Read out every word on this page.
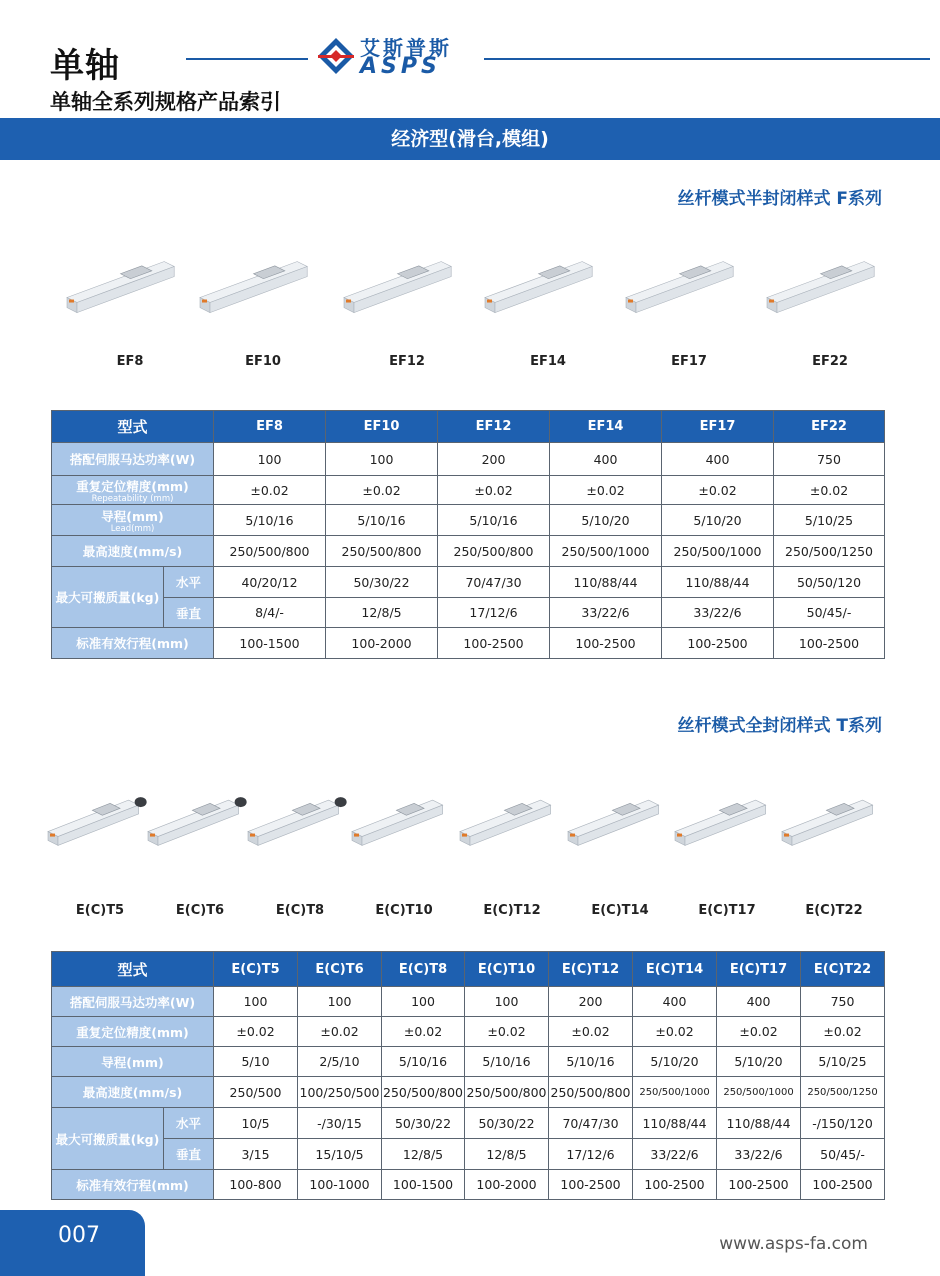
单轴
单轴全系列规格产品索引
艾斯普斯
ASPS
经济型(滑台,模组)
丝杆模式半封闭样式 F系列
EF8	EF10	EF12	EF14	EF17	EF22
型式		EF8	EF10	EF12	EF14	EF17	EF22
搭配伺服马达功率(W)		100	100	200	400	400	750
重复定位精度(mm)
Repeatability (mm)		±0.02	±0.02	±0.02	±0.02	±0.02	±0.02
导程(mm)
Lead(mm)		5/10/16	5/10/16	5/10/16	5/10/20	5/10/20	5/10/25
最高速度(mm/s)		250/500/800	250/500/800	250/500/800	250/500/1000	250/500/1000	250/500/1250
最大可搬质量(kg)	水平	40/20/12	50/30/22	70/47/30	110/88/44	110/88/44	50/50/120
	垂直	8/4/-	12/8/5	17/12/6	33/22/6	33/22/6	50/45/-
标准有效行程(mm)		100-1500	100-2000	100-2500	100-2500	100-2500	100-2500
丝杆模式全封闭样式 T系列
E(C)T5	E(C)T6	E(C)T8	E(C)T10	E(C)T12	E(C)T14	E(C)T17	E(C)T22
型式		E(C)T5	E(C)T6	E(C)T8	E(C)T10	E(C)T12	E(C)T14	E(C)T17	E(C)T22
搭配伺服马达功率(W)		100	100	100	100	200	400	400	750
重复定位精度(mm)		±0.02	±0.02	±0.02	±0.02	±0.02	±0.02	±0.02	±0.02
导程(mm)		5/10	2/5/10	5/10/16	5/10/16	5/10/16	5/10/20	5/10/20	5/10/25
最高速度(mm/s)		250/500	100/250/500	250/500/800	250/500/800	250/500/800	250/500/1000	250/500/1000	250/500/1250
最大可搬质量(kg)	水平	10/5	-/30/15	50/30/22	50/30/22	70/47/30	110/88/44	110/88/44	-/150/120
	垂直	3/15	15/10/5	12/8/5	12/8/5	17/12/6	33/22/6	33/22/6	50/45/-
标准有效行程(mm)		100-800	100-1000	100-1500	100-2000	100-2500	100-2500	100-2500	100-2500
007	www.asps-fa.com
